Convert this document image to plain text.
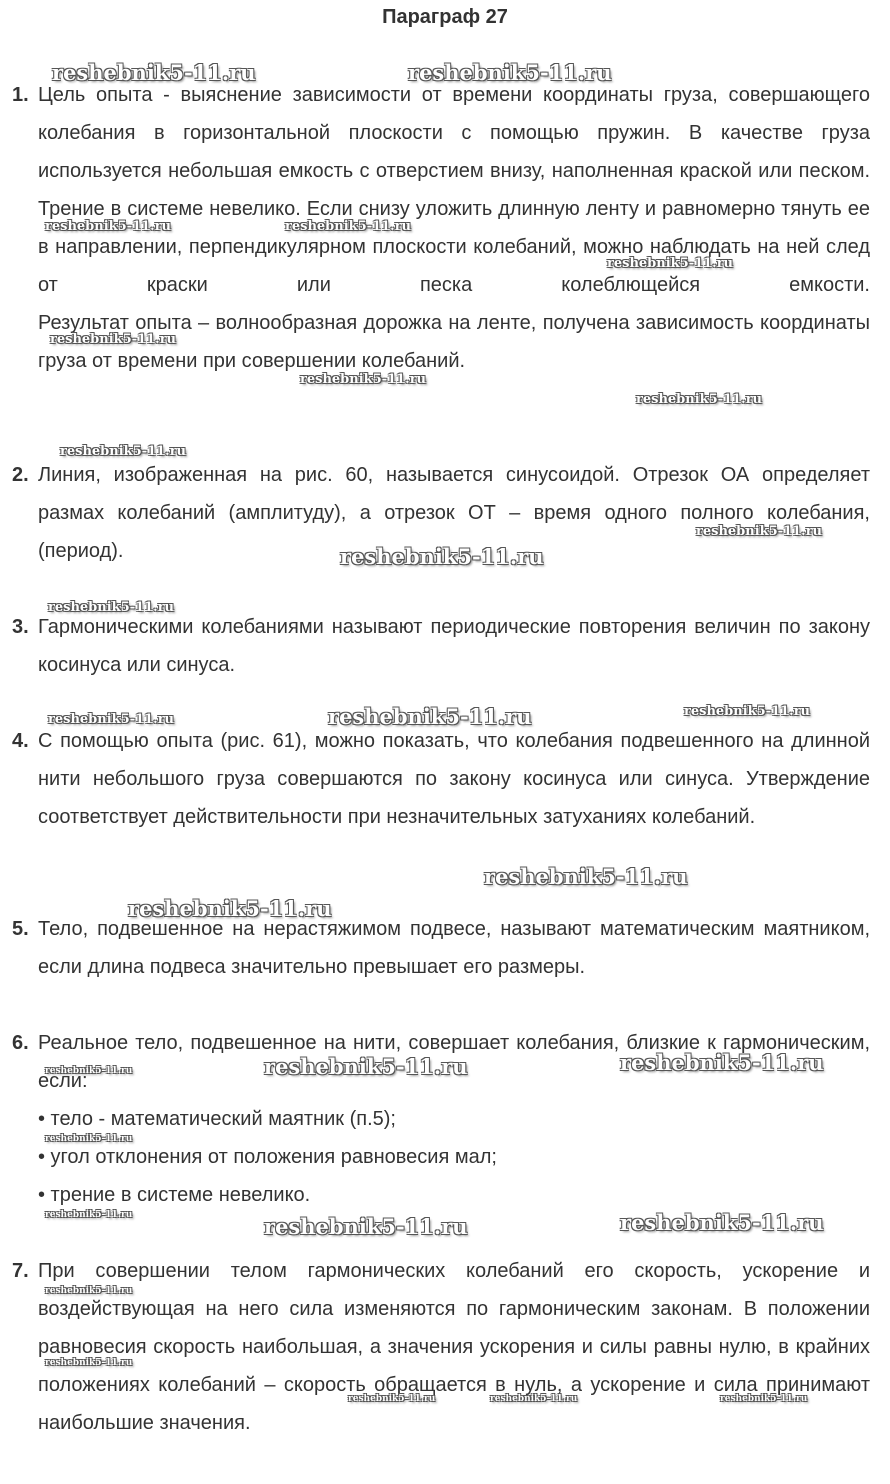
Параграф 27
1. Цель опыта - выяснение зависимости от времени координаты груза, совершающего колебания в горизонтальной плоскости с помощью пружин. В качестве груза используется небольшая емкость с отверстием внизу, наполненная краской или песком. Трение в системе невелико. Если снизу уложить длинную ленту и равномерно тянуть ее в направлении, перпендикулярном плоскости колебаний, можно наблюдать на ней след от краски или песка колеблющейся емкости.
Результат опыта – волнообразная дорожка на ленте, получена зависимость координаты груза от времени при совершении колебаний.
2. Линия, изображенная на рис. 60, называется синусоидой. Отрезок ОА определяет размах колебаний (амплитуду), а отрезок ОТ – время одного полного колебания, (период).
3. Гармоническими колебаниями называют периодические повторения величин по закону косинуса или синуса.
4. С помощью опыта (рис. 61), можно показать, что колебания подвешенного на длинной нити небольшого груза совершаются по закону косинуса или синуса. Утверждение соответствует действительности при незначительных затуханиях колебаний.
5. Тело, подвешенное на нерастяжимом подвесе, называют математическим маятником, если длина подвеса значительно превышает его размеры.
6. Реальное тело, подвешенное на нити, совершает колебания, близкие к гармоническим, если:
• тело - математический маятник (п.5);
• угол отклонения от положения равновесия мал;
• трение в системе невелико.
7. При совершении телом гармонических колебаний его скорость, ускорение и воздействующая на него сила изменяются по гармоническим законам. В положении равновесия скорость наибольшая, а значения ускорения и силы равны нулю, в крайних положениях колебаний – скорость обращается в нуль, а ускорение и сила принимают наибольшие значения.
reshebnik5-11.ru	reshebnik5-11.ru
reshebnik5-11.ru	reshebnik5-11.ru
reshebnik5-11.ru
reshebnik5-11.ru
reshebnik5-11.ru
reshebnik5-11.ru
reshebnik5-11.ru
reshebnik5-11.ru
reshebnik5-11.ru
reshebnik5-11.ru
reshebnik5-11.ru	reshebnik5-11.ru	reshebnik5-11.ru
reshebnik5-11.ru
reshebnik5-11.ru
reshebnik5-11.ru	reshebnik5-11.ru	reshebnik5-11.ru
reshebnik5-11.ru
reshebnik5-11.ru	reshebnik5-11.ru	reshebnik5-11.ru
reshebnik5-11.ru
reshebnik5-11.ru
reshebnik5-11.ru	reshebnik5-11.ru	reshebnik5-11.ru
